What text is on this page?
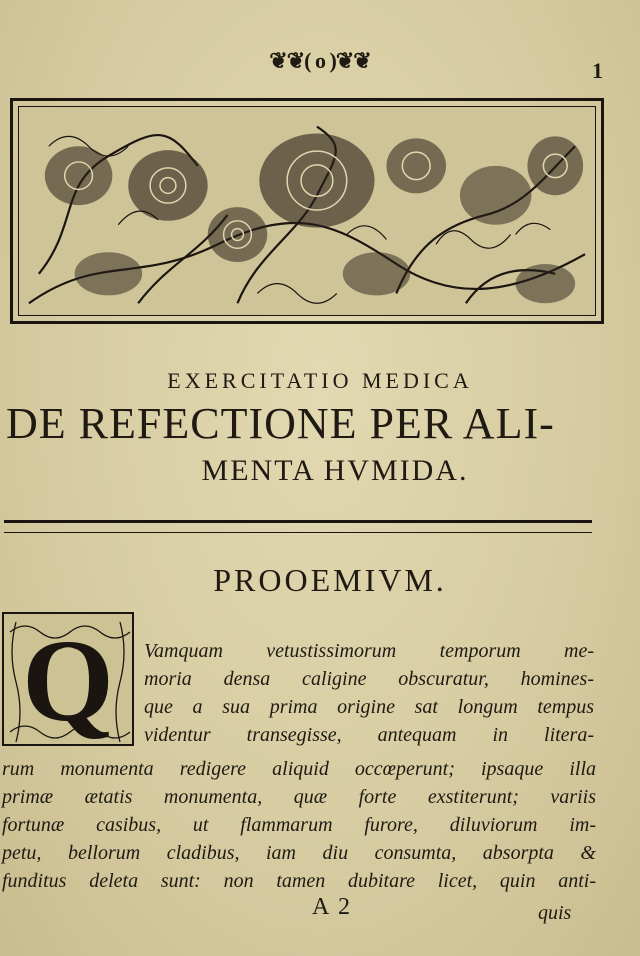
❦❦( o )❦❦	1
EXERCITATIO MEDICA
DE REFECTIONE PER ALI-
MENTA HVMIDA.
PROOEMIVM.
Q Vamquam vetustissimorum temporum me-
moria densa caligine obscuratur, homines-
que a sua prima origine sat longum tempus
videntur transegisse, antequam in litera-
rum monumenta redigere aliquid occœperunt; ipsaque illa
primæ ætatis monumenta, quæ forte exstiterunt; variis
fortunæ casibus, ut flammarum furore, diluviorum im-
petu, bellorum cladibus, iam diu consumta, absorpta &
funditus deleta sunt: non tamen dubitare licet, quin anti-
A 2	quis
